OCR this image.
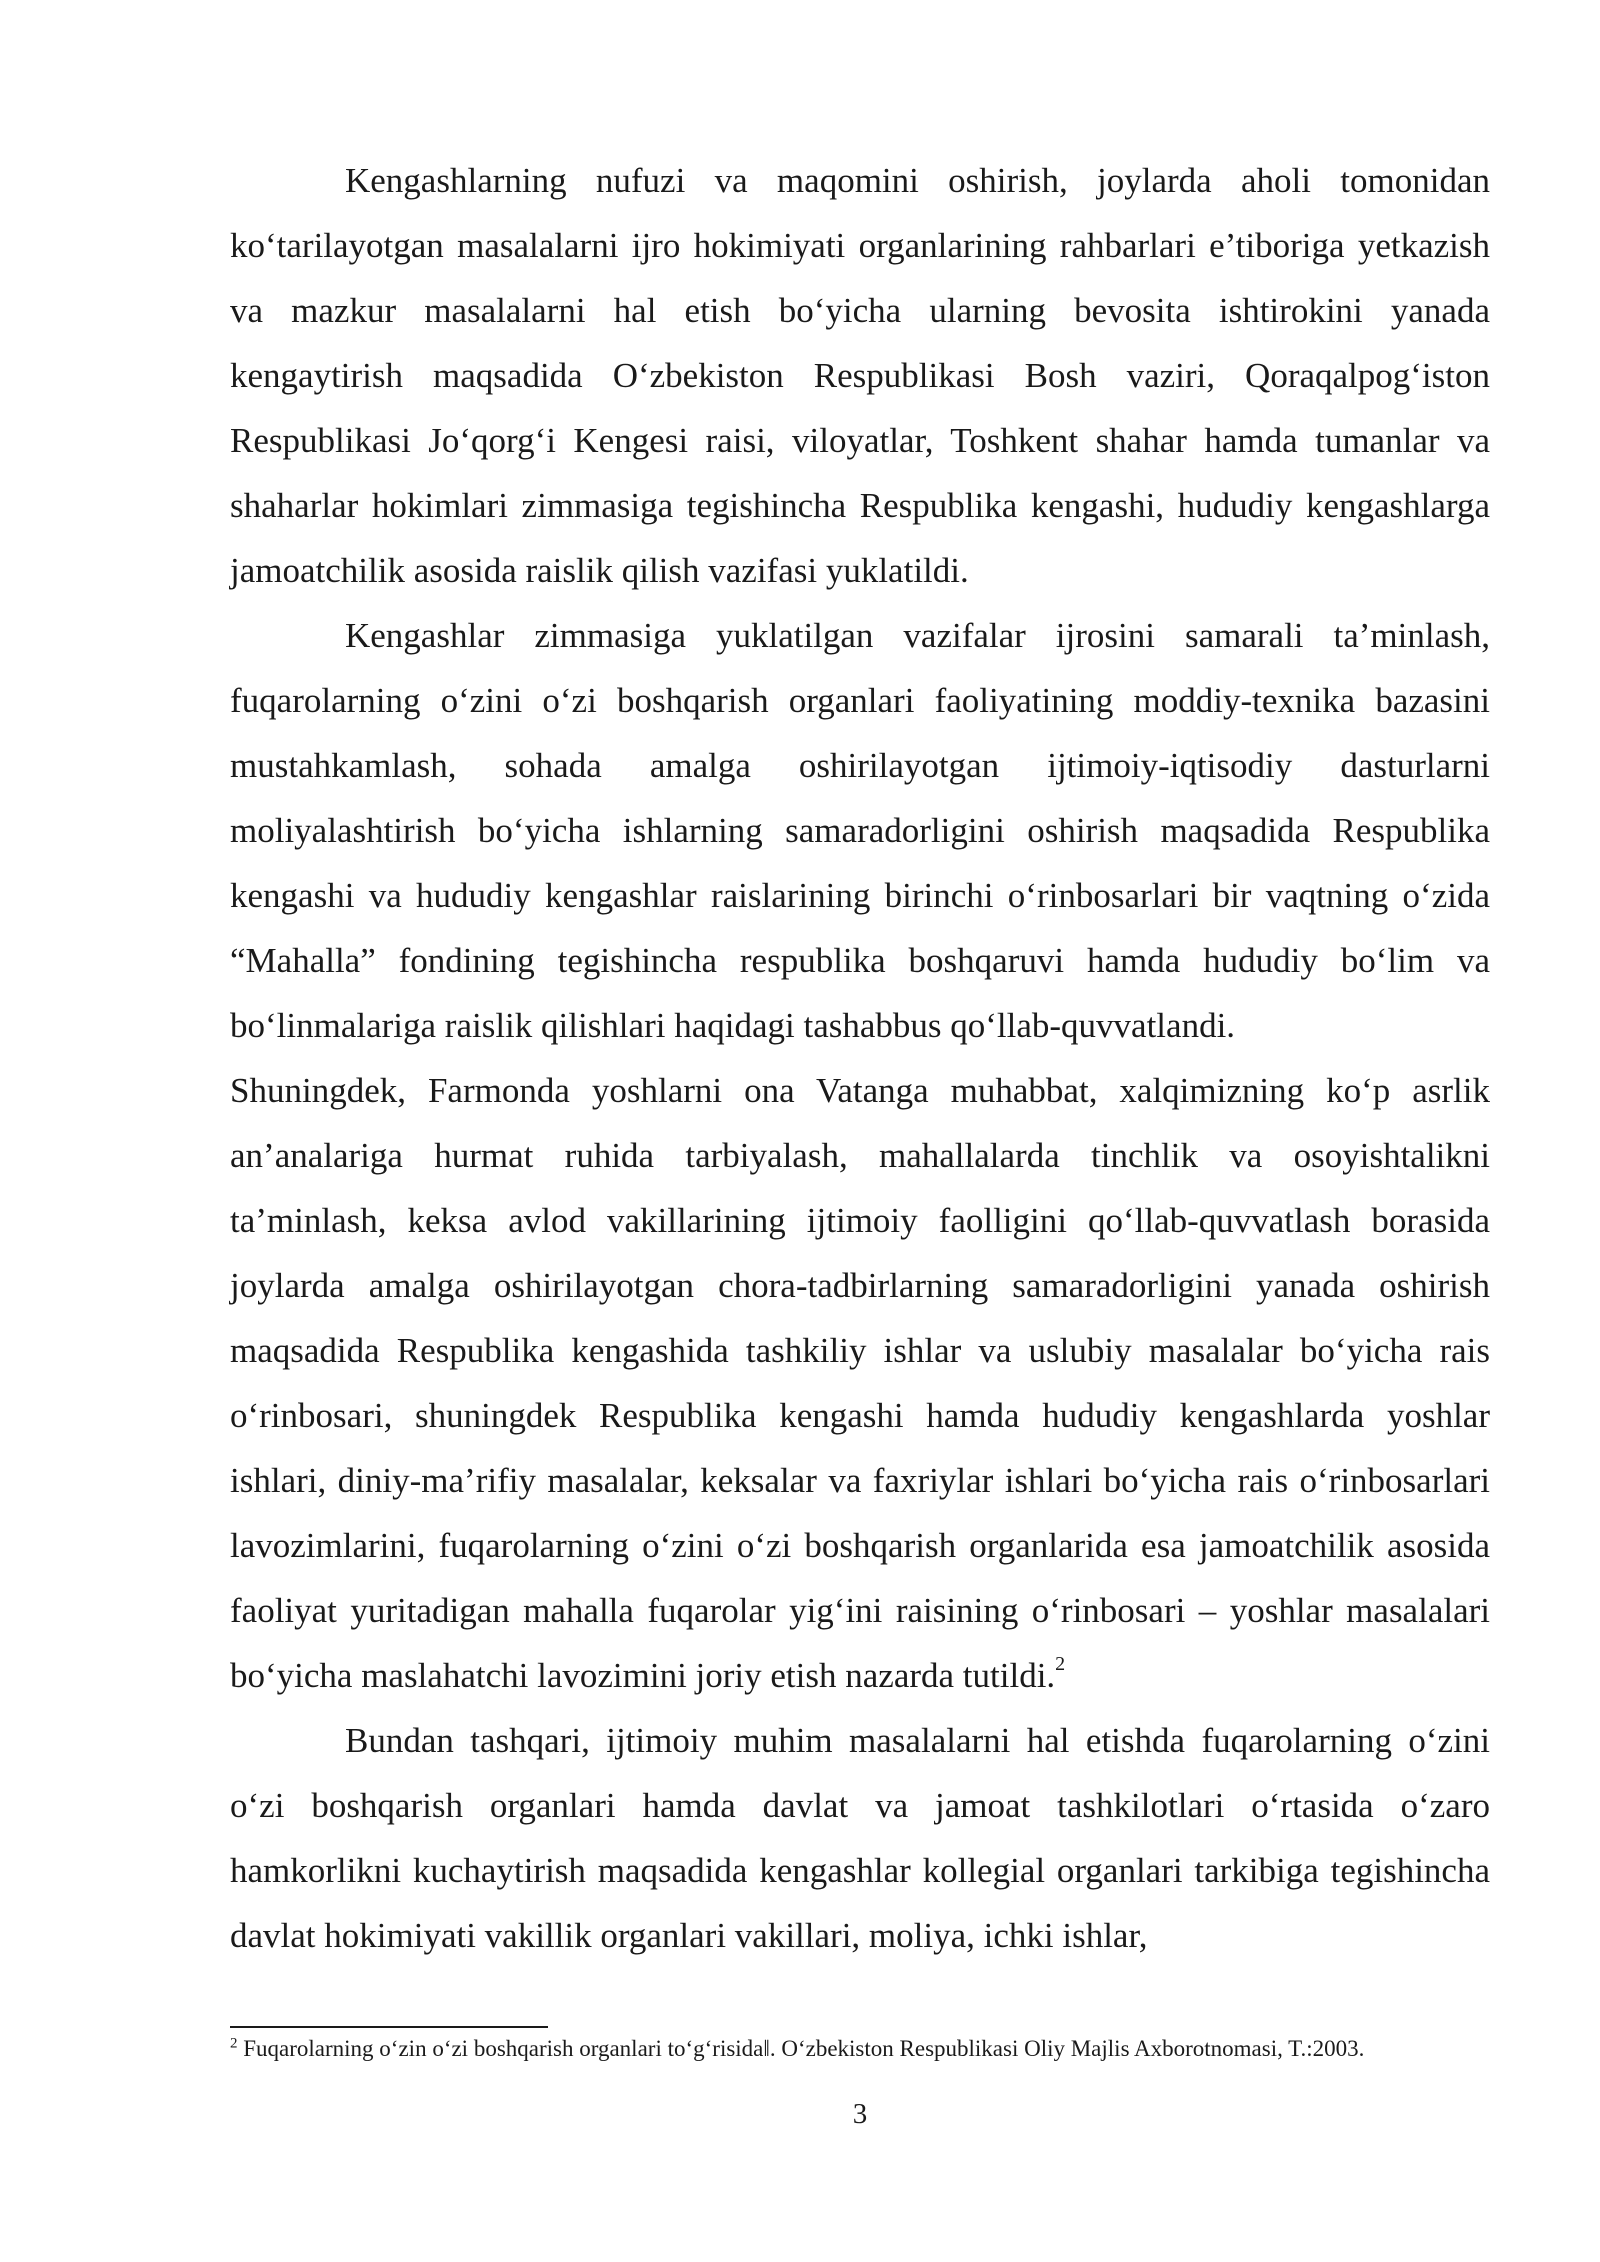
Kengashlarning nufuzi va maqomini oshirish, joylarda aholi tomonidan ko‘tarilayotgan masalalarni ijro hokimiyati organlarining rahbarlari e’tiboriga yetkazish va mazkur masalalarni hal etish bo‘yicha ularning bevosita ishtirokini yanada kengaytirish maqsadida O‘zbekiston Respublikasi Bosh vaziri, Qoraqalpog‘iston Respublikasi Jo‘qorg‘i Kengesi raisi, viloyatlar, Toshkent shahar hamda tumanlar va shaharlar hokimlari zimmasiga tegishincha Respublika kengashi, hududiy kengashlarga jamoatchilik asosida raislik qilish vazifasi yuklatildi.

Kengashlar zimmasiga yuklatilgan vazifalar ijrosini samarali ta’minlash, fuqarolarning o‘zini o‘zi boshqarish organlari faoliyatining moddiy-texnika bazasini mustahkamlash, sohada amalga oshirilayotgan ijtimoiy-iqtisodiy dasturlarni moliyalashtirish bo‘yicha ishlarning samaradorligini oshirish maqsadida Respublika kengashi va hududiy kengashlar raislarining birinchi o‘rinbosarlari bir vaqtning o‘zida “Mahalla” fondining tegishincha respublika boshqaruvi hamda hududiy bo‘lim va bo‘linmalariga raislik qilishlari haqidagi tashabbus qo‘llab-quvvatlandi.

Shuningdek, Farmonda yoshlarni ona Vatanga muhabbat, xalqimizning ko‘p asrlik an’analariga hurmat ruhida tarbiyalash, mahallalarda tinchlik va osoyishtalikni ta’minlash, keksa avlod vakillarining ijtimoiy faolligini qo‘llab-quvvatlash borasida joylarda amalga oshirilayotgan chora-tadbirlarning samaradorligini yanada oshirish maqsadida Respublika kengashida tashkiliy ishlar va uslubiy masalalar bo‘yicha rais o‘rinbosari, shuningdek Respublika kengashi hamda hududiy kengashlarda yoshlar ishlari, diniy-ma’rifiy masalalar, keksalar va faxriylar ishlari bo‘yicha rais o‘rinbosarlari lavozimlarini, fuqarolarning o‘zini o‘zi boshqarish organlarida esa jamoatchilik asosida faoliyat yuritadigan mahalla fuqarolar yig‘ini raisining o‘rinbosari – yoshlar masalalari bo‘yicha maslahatchi lavozimini joriy etish nazarda tutildi.$^2$

Bundan tashqari, ijtimoiy muhim masalalarni hal etishda fuqarolarning o‘zini o‘zi boshqarish organlari hamda davlat va jamoat tashkilotlari o‘rtasida o‘zaro hamkorlikni kuchaytirish maqsadida kengashlar kollegial organlari tarkibiga tegishincha davlat hokimiyati vakillik organlari vakillari, moliya, ichki ishlar,

$^2$ Fuqarolarning o‘zin o‘zi boshqarish organlari to‘g‘risida‖. O‘zbekiston Respublikasi Oliy Majlis Axborotnomasi, T.:2003.

3
